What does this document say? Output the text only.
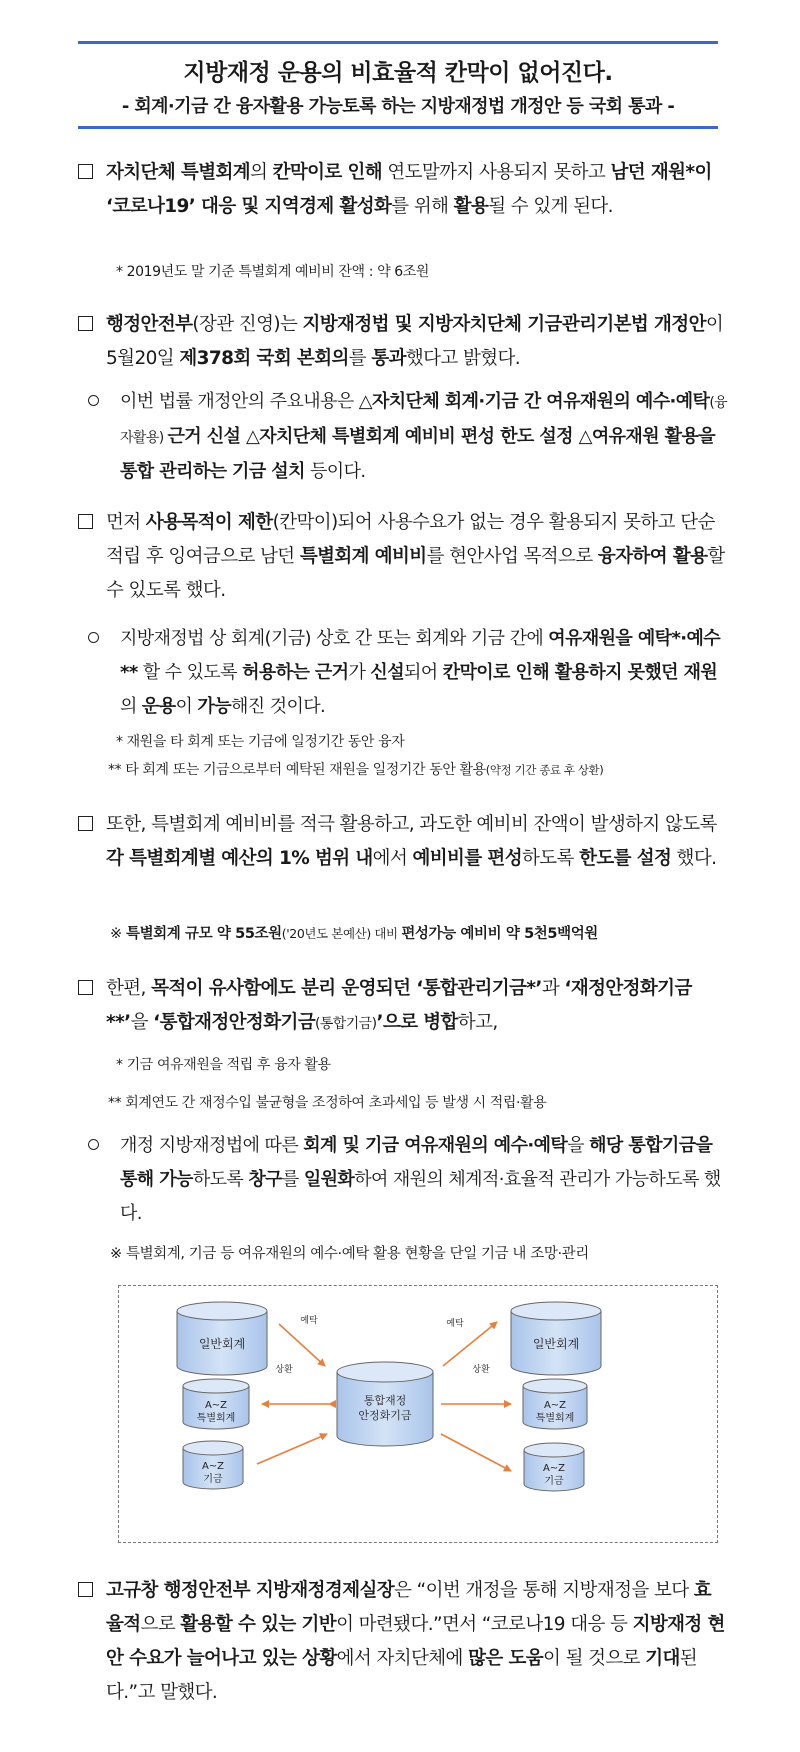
지방재정 운용의 비효율적 칸막이 없어진다.
- 회계·기금 간 융자활용 가능토록 하는 지방재정법 개정안 등 국회 통과 -
자치단체 특별회계의 칸막이로 인해 연도말까지 사용되지 못하고 남던 재원*이 ‘코로나19’ 대응 및 지역경제 활성화를 위해 활용될 수 있게 된다.
* 2019년도 말 기준 특별회계 예비비 잔액 : 약 6조원
행정안전부(장관 진영)는 지방재정법 및 지방자치단체 기금관리기본법 개정안이 5월20일 제378회 국회 본회의를 통과했다고 밝혔다.
이번 법률 개정안의 주요내용은 △자치단체 회계·기금 간 여유재원의 예수·예탁(융자활용) 근거 신설 △자치단체 특별회계 예비비 편성 한도 설정 △여유재원 활용을 통합 관리하는 기금 설치 등이다.
먼저 사용목적이 제한(칸막이)되어 사용수요가 없는 경우 활용되지 못하고 단순 적립 후 잉여금으로 남던 특별회계 예비비를 현안사업 목적으로 융자하여 활용할 수 있도록 했다.
지방재정법 상 회계(기금) 상호 간 또는 회계와 기금 간에 여유재원을 예탁*·예수** 할 수 있도록 허용하는 근거가 신설되어 칸막이로 인해 활용하지 못했던 재원의 운용이 가능해진 것이다.
* 재원을 타 회계 또는 기금에 일정기간 동안 융자
** 타 회계 또는 기금으로부터 예탁된 재원을 일정기간 동안 활용(약정 기간 종료 후 상환)
또한, 특별회계 예비비를 적극 활용하고, 과도한 예비비 잔액이 발생하지 않도록 각 특별회계별 예산의 1% 범위 내에서 예비비를 편성하도록 한도를 설정 했다.
※ 특별회계 규모 약 55조원('20년도 본예산) 대비 편성가능 예비비 약 5천5백억원
한편, 목적이 유사함에도 분리 운영되던 ‘통합관리기금*’과 ‘재정안정화기금**’을 ‘통합재정안정화기금(통합기금)’으로 병합하고,
* 기금 여유재원을 적립 후 융자 활용
** 회계연도 간 재정수입 불균형을 조정하여 초과세입 등 발생 시 적립·활용
개정 지방재정법에 따른 회계 및 기금 여유재원의 예수·예탁을 해당 통합기금을 통해 가능하도록 창구를 일원화하여 재원의 체계적·효율적 관리가 가능하도록 했다.
※ 특별회계, 기금 등 여유재원의 예수·예탁 활용 현황을 단일 기금 내 조망·관리
일반회계
A~Z
특별회계
A~Z
기금
통합재정
안정화기금
일반회계
A~Z
특별회계
A~Z
기금
예탁
상환
예탁
상환
고규창 행정안전부 지방재정경제실장은 “이번 개정을 통해 지방재정을 보다 효율적으로 활용할 수 있는 기반이 마련됐다.”면서 “코로나19 대응 등 지방재정 현안 수요가 늘어나고 있는 상황에서 자치단체에 많은 도움이 될 것으로 기대된다.”고 말했다.
